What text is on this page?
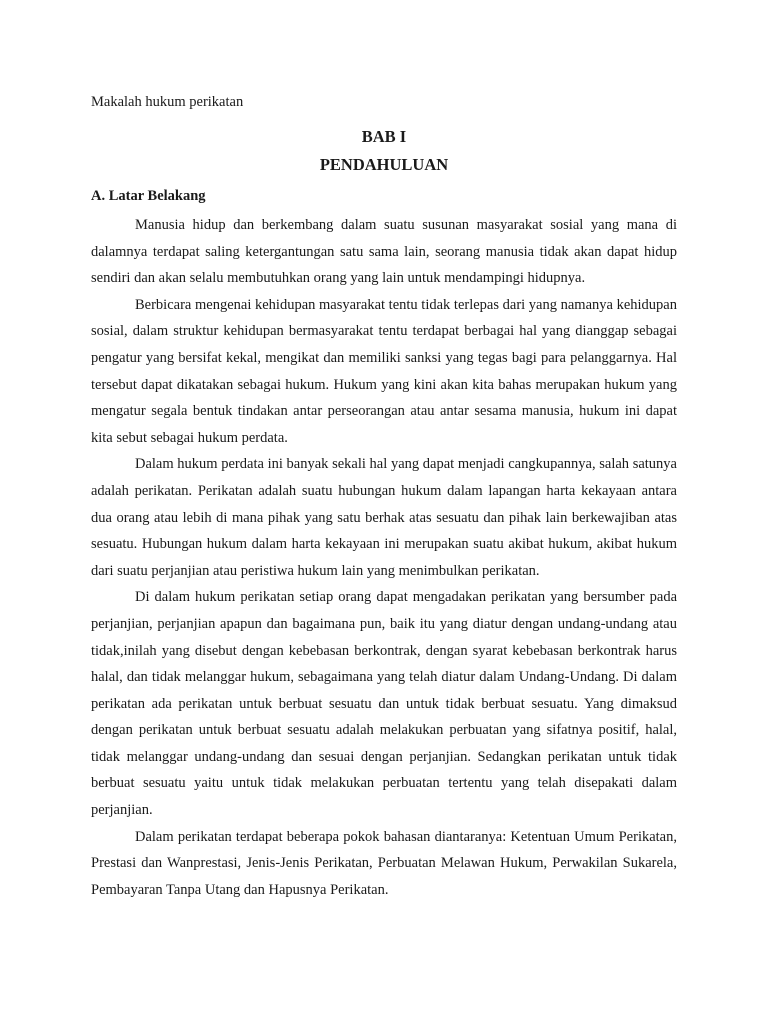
Makalah hukum perikatan
BAB I
PENDAHULUAN
A. Latar Belakang

Manusia hidup dan berkembang dalam suatu susunan masyarakat sosial yang mana di dalamnya terdapat saling ketergantungan satu sama lain, seorang manusia tidak akan dapat hidup sendiri dan akan selalu membutuhkan orang yang lain untuk mendampingi hidupnya.

Berbicara mengenai kehidupan masyarakat tentu tidak terlepas dari yang namanya kehidupan sosial, dalam struktur kehidupan bermasyarakat tentu terdapat berbagai hal yang dianggap sebagai pengatur yang bersifat kekal, mengikat dan memiliki sanksi yang tegas bagi para pelanggarnya. Hal tersebut dapat dikatakan sebagai hukum. Hukum yang kini akan kita bahas merupakan hukum yang mengatur segala bentuk tindakan antar perseorangan atau antar sesama manusia, hukum ini dapat kita sebut sebagai hukum perdata.

Dalam hukum perdata ini banyak sekali hal yang dapat menjadi cangkupannya, salah satunya adalah perikatan. Perikatan adalah suatu hubungan hukum dalam lapangan harta kekayaan antara dua orang atau lebih di mana pihak yang satu berhak atas sesuatu dan pihak lain berkewajiban atas sesuatu. Hubungan hukum dalam harta kekayaan ini merupakan suatu akibat hukum, akibat hukum dari suatu perjanjian atau peristiwa hukum lain yang menimbulkan perikatan.

Di dalam hukum perikatan setiap orang dapat mengadakan perikatan yang bersumber pada perjanjian, perjanjian apapun dan bagaimana pun, baik itu yang diatur dengan undang-undang atau tidak,inilah yang disebut dengan kebebasan berkontrak, dengan syarat kebebasan berkontrak harus halal, dan tidak melanggar hukum, sebagaimana yang telah diatur dalam Undang-Undang. Di dalam perikatan ada perikatan untuk berbuat sesuatu dan untuk tidak berbuat sesuatu. Yang dimaksud dengan perikatan untuk berbuat sesuatu adalah melakukan perbuatan yang sifatnya positif, halal, tidak melanggar undang-undang dan sesuai dengan perjanjian. Sedangkan perikatan untuk tidak berbuat sesuatu yaitu untuk tidak melakukan perbuatan tertentu yang telah disepakati dalam perjanjian.

Dalam perikatan terdapat beberapa pokok bahasan diantaranya: Ketentuan Umum Perikatan, Prestasi dan Wanprestasi, Jenis-Jenis Perikatan, Perbuatan Melawan Hukum, Perwakilan Sukarela, Pembayaran Tanpa Utang dan Hapusnya Perikatan.
